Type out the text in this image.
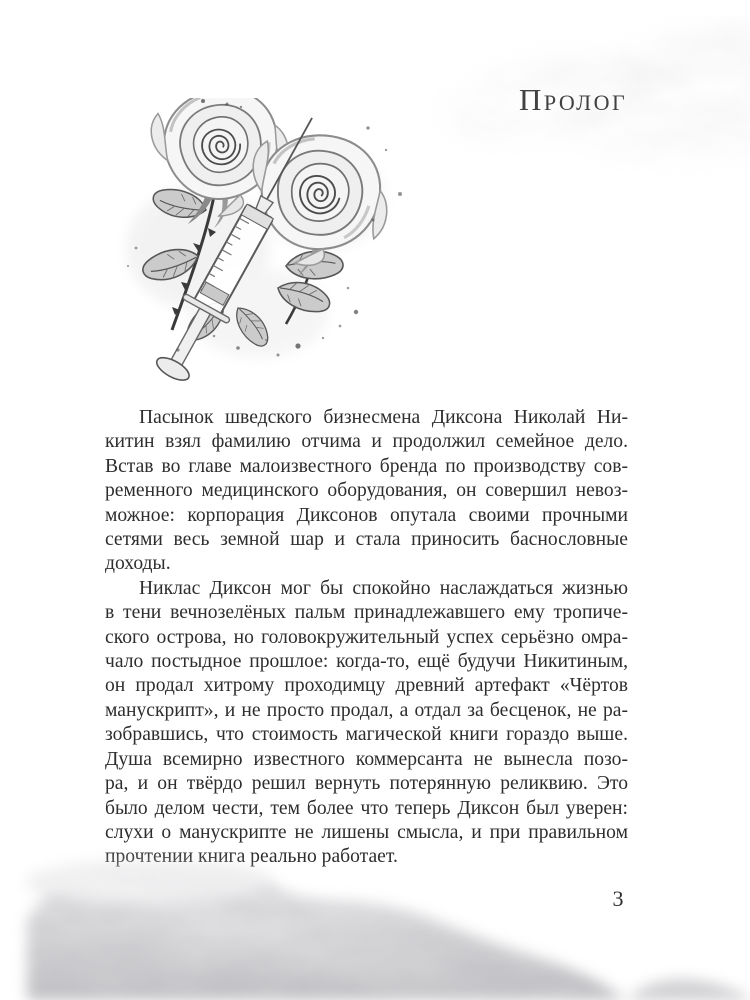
Пролог

Пасынок шведского бизнесмена Диксона Николай Ни-
китин взял фамилию отчима и продолжил семейное дело.
Встав во главе малоизвестного бренда по производству сов-
ременного медицинского оборудования, он совершил невоз-
можное: корпорация Диксонов опутала своими прочными
сетями весь земной шар и стала приносить баснословные
доходы.

Никлас Диксон мог бы спокойно наслаждаться жизнью
в тени вечнозелёных пальм принадлежавшего ему тропиче-
ского острова, но головокружительный успех серьёзно омра-
чало постыдное прошлое: когда-то, ещё будучи Никитиным,
он продал хитрому проходимцу древний артефакт «Чёртов
манускрипт», и не просто продал, а отдал за бесценок, не ра-
зобравшись, что стоимость магической книги гораздо выше.
Душа всемирно известного коммерсанта не вынесла позо-
ра, и он твёрдо решил вернуть потерянную реликвию. Это
было делом чести, тем более что теперь Диксон был уверен:
слухи о манускрипте не лишены смысла, и при правильном
